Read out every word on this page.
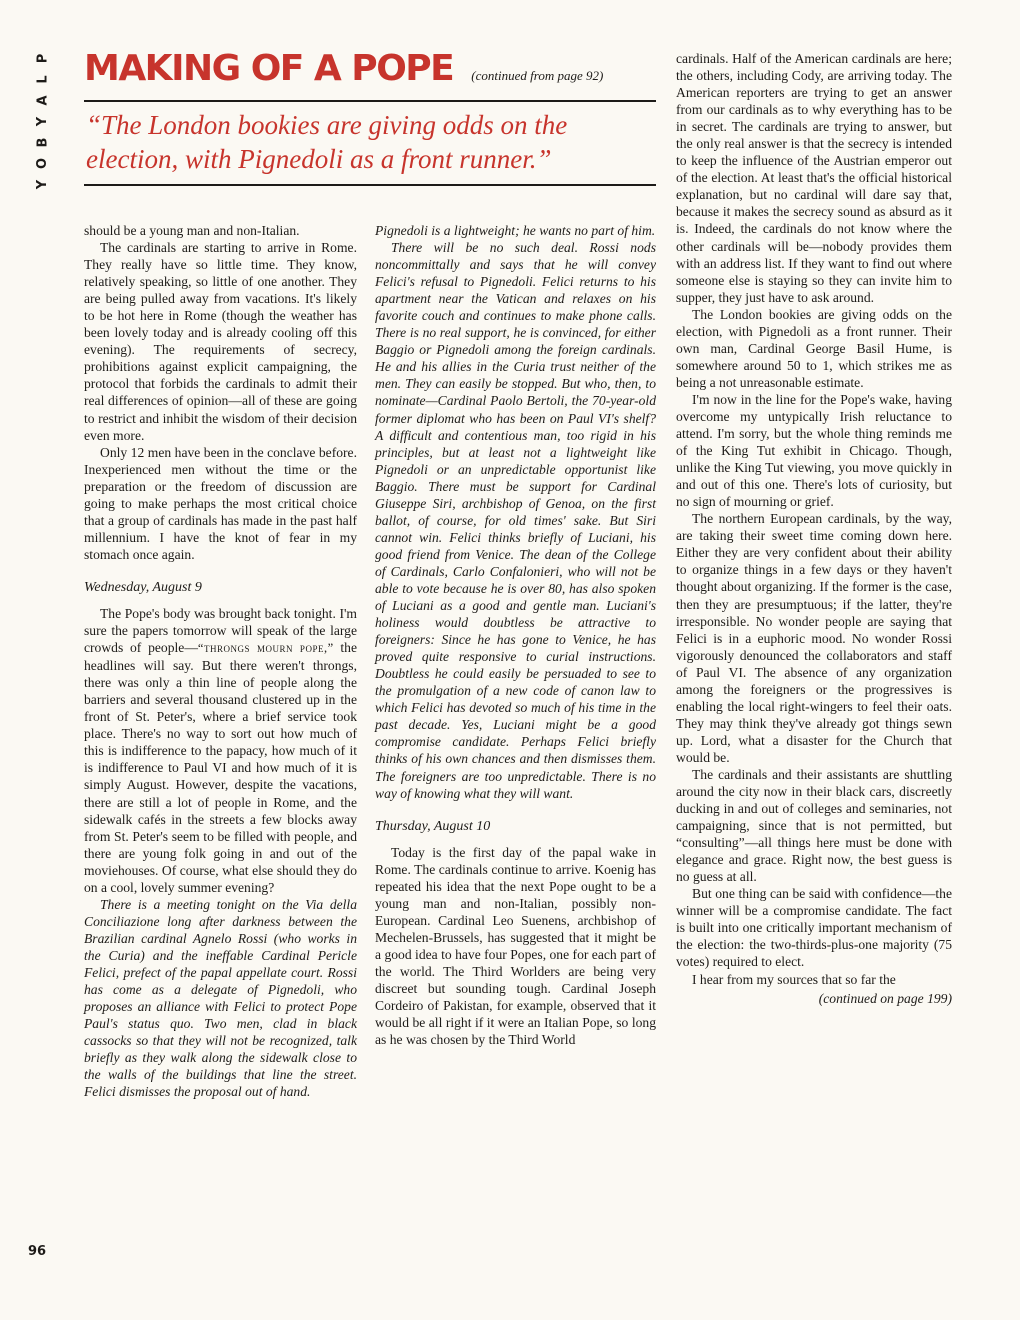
P
L
A
Y
B
O
Y
MAKING OF A POPE (continued from page 92)

“The London bookies are giving odds on the election, with Pignedoli as a front runner.”

should be a young man and non-Italian.

The cardinals are starting to arrive in Rome. They really have so little time. They know, relatively speaking, so little of one another. They are being pulled away from vacations. It's likely to be hot here in Rome (though the weather has been lovely today and is already cooling off this evening). The requirements of secrecy, prohibitions against explicit campaigning, the protocol that forbids the cardinals to admit their real differences of opinion—all of these are going to restrict and inhibit the wisdom of their decision even more.

Only 12 men have been in the conclave before. Inexperienced men without the time or the preparation or the freedom of discussion are going to make perhaps the most critical choice that a group of cardinals has made in the past half millennium. I have the knot of fear in my stomach once again.

Wednesday, August 9

The Pope's body was brought back tonight. I'm sure the papers tomorrow will speak of the large crowds of people—“throngs mourn pope,” the headlines will say. But there weren't throngs, there was only a thin line of people along the barriers and several thousand clustered up in the front of St. Peter's, where a brief service took place. There's no way to sort out how much of this is indifference to the papacy, how much of it is indifference to Paul VI and how much of it is simply August. However, despite the vacations, there are still a lot of people in Rome, and the sidewalk cafés in the streets a few blocks away from St. Peter's seem to be filled with people, and there are young folk going in and out of the moviehouses. Of course, what else should they do on a cool, lovely summer evening?

There is a meeting tonight on the Via della Conciliazione long after darkness between the Brazilian cardinal Agnelo Rossi (who works in the Curia) and the ineffable Cardinal Pericle Felici, prefect of the papal appellate court. Rossi has come as a delegate of Pignedoli, who proposes an alliance with Felici to protect Pope Paul's status quo. Two men, clad in black cassocks so that they will not be recognized, talk briefly as they walk along the sidewalk close to the walls of the buildings that line the street. Felici dismisses the proposal out of hand.

Pignedoli is a lightweight; he wants no part of him.

There will be no such deal. Rossi nods noncommittally and says that he will convey Felici's refusal to Pignedoli. Felici returns to his apartment near the Vatican and relaxes on his favorite couch and continues to make phone calls. There is no real support, he is convinced, for either Baggio or Pignedoli among the foreign cardinals. He and his allies in the Curia trust neither of the men. They can easily be stopped. But who, then, to nominate—Cardinal Paolo Bertoli, the 70-year-old former diplomat who has been on Paul VI's shelf? A difficult and contentious man, too rigid in his principles, but at least not a lightweight like Pignedoli or an unpredictable opportunist like Baggio. There must be support for Cardinal Giuseppe Siri, archbishop of Genoa, on the first ballot, of course, for old times' sake. But Siri cannot win. Felici thinks briefly of Luciani, his good friend from Venice. The dean of the College of Cardinals, Carlo Confalonieri, who will not be able to vote because he is over 80, has also spoken of Luciani as a good and gentle man. Luciani's holiness would doubtless be attractive to foreigners: Since he has gone to Venice, he has proved quite responsive to curial instructions. Doubtless he could easily be persuaded to see to the promulgation of a new code of canon law to which Felici has devoted so much of his time in the past decade. Yes, Luciani might be a good compromise candidate. Perhaps Felici briefly thinks of his own chances and then dismisses them. The foreigners are too unpredictable. There is no way of knowing what they will want.

Thursday, August 10

Today is the first day of the papal wake in Rome. The cardinals continue to arrive. Koenig has repeated his idea that the next Pope ought to be a young man and non-Italian, possibly non-European. Cardinal Leo Suenens, archbishop of Mechelen-Brussels, has suggested that it might be a good idea to have four Popes, one for each part of the world. The Third Worlders are being very discreet but sounding tough. Cardinal Joseph Cordeiro of Pakistan, for example, observed that it would be all right if it were an Italian Pope, so long as he was chosen by the Third World

cardinals. Half of the American cardinals are here; the others, including Cody, are arriving today. The American reporters are trying to get an answer from our cardinals as to why everything has to be in secret. The cardinals are trying to answer, but the only real answer is that the secrecy is intended to keep the influence of the Austrian emperor out of the election. At least that's the official historical explanation, but no cardinal will dare say that, because it makes the secrecy sound as absurd as it is. Indeed, the cardinals do not know where the other cardinals will be—nobody provides them with an address list. If they want to find out where someone else is staying so they can invite him to supper, they just have to ask around.

The London bookies are giving odds on the election, with Pignedoli as a front runner. Their own man, Cardinal George Basil Hume, is somewhere around 50 to 1, which strikes me as being a not unreasonable estimate.

I'm now in the line for the Pope's wake, having overcome my untypically Irish reluctance to attend. I'm sorry, but the whole thing reminds me of the King Tut exhibit in Chicago. Though, unlike the King Tut viewing, you move quickly in and out of this one. There's lots of curiosity, but no sign of mourning or grief.

The northern European cardinals, by the way, are taking their sweet time coming down here. Either they are very confident about their ability to organize things in a few days or they haven't thought about organizing. If the former is the case, then they are presumptuous; if the latter, they're irresponsible. No wonder people are saying that Felici is in a euphoric mood. No wonder Rossi vigorously denounced the collaborators and staff of Paul VI. The absence of any organization among the foreigners or the progressives is enabling the local right-wingers to feel their oats. They may think they've already got things sewn up. Lord, what a disaster for the Church that would be.

The cardinals and their assistants are shuttling around the city now in their black cars, discreetly ducking in and out of colleges and seminaries, not campaigning, since that is not permitted, but “consulting”—all things here must be done with elegance and grace. Right now, the best guess is no guess at all.

But one thing can be said with confidence—the winner will be a compromise candidate. The fact is built into one critically important mechanism of the election: the two-thirds-plus-one majority (75 votes) required to elect.

I hear from my sources that so far the

(continued on page 199)
96
